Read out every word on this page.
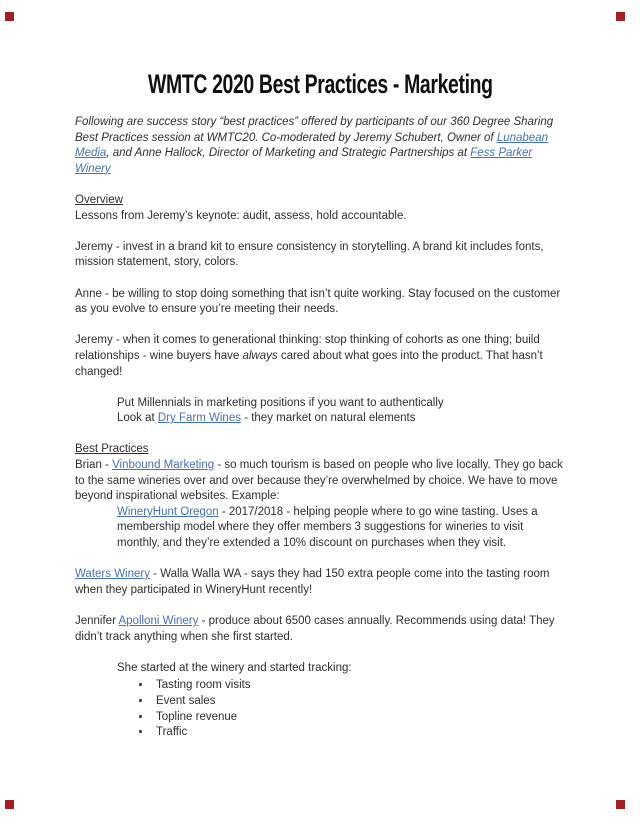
WMTC 2020 Best Practices - Marketing
Following are success story “best practices” offered by participants of our 360 Degree Sharing Best Practices session at WMTC20. Co-moderated by Jeremy Schubert, Owner of Lunabean Media, and Anne Hallock, Director of Marketing and Strategic Partnerships at Fess Parker Winery
Overview
Lessons from Jeremy’s keynote: audit, assess, hold accountable.
Jeremy - invest in a brand kit to ensure consistency in storytelling. A brand kit includes fonts, mission statement, story, colors.
Anne - be willing to stop doing something that isn’t quite working. Stay focused on the customer as you evolve to ensure you’re meeting their needs.
Jeremy - when it comes to generational thinking: stop thinking of cohorts as one thing; build relationships - wine buyers have always cared about what goes into the product. That hasn’t changed!
Put Millennials in marketing positions if you want to authentically
Look at Dry Farm Wines - they market on natural elements
Best Practices
Brian - Vinbound Marketing - so much tourism is based on people who live locally. They go back to the same wineries over and over because they’re overwhelmed by choice. We have to move beyond inspirational websites. Example:
WineryHunt Oregon - 2017/2018 - helping people where to go wine tasting. Uses a membership model where they offer members 3 suggestions for wineries to visit monthly, and they’re extended a 10% discount on purchases when they visit.
Waters Winery - Walla Walla WA - says they had 150 extra people come into the tasting room when they participated in WineryHunt recently!
Jennifer Apolloni Winery - produce about 6500 cases annually. Recommends using data! They didn’t track anything when she first started.
She started at the winery and started tracking:
• Tasting room visits
• Event sales
• Topline revenue
• Traffic
